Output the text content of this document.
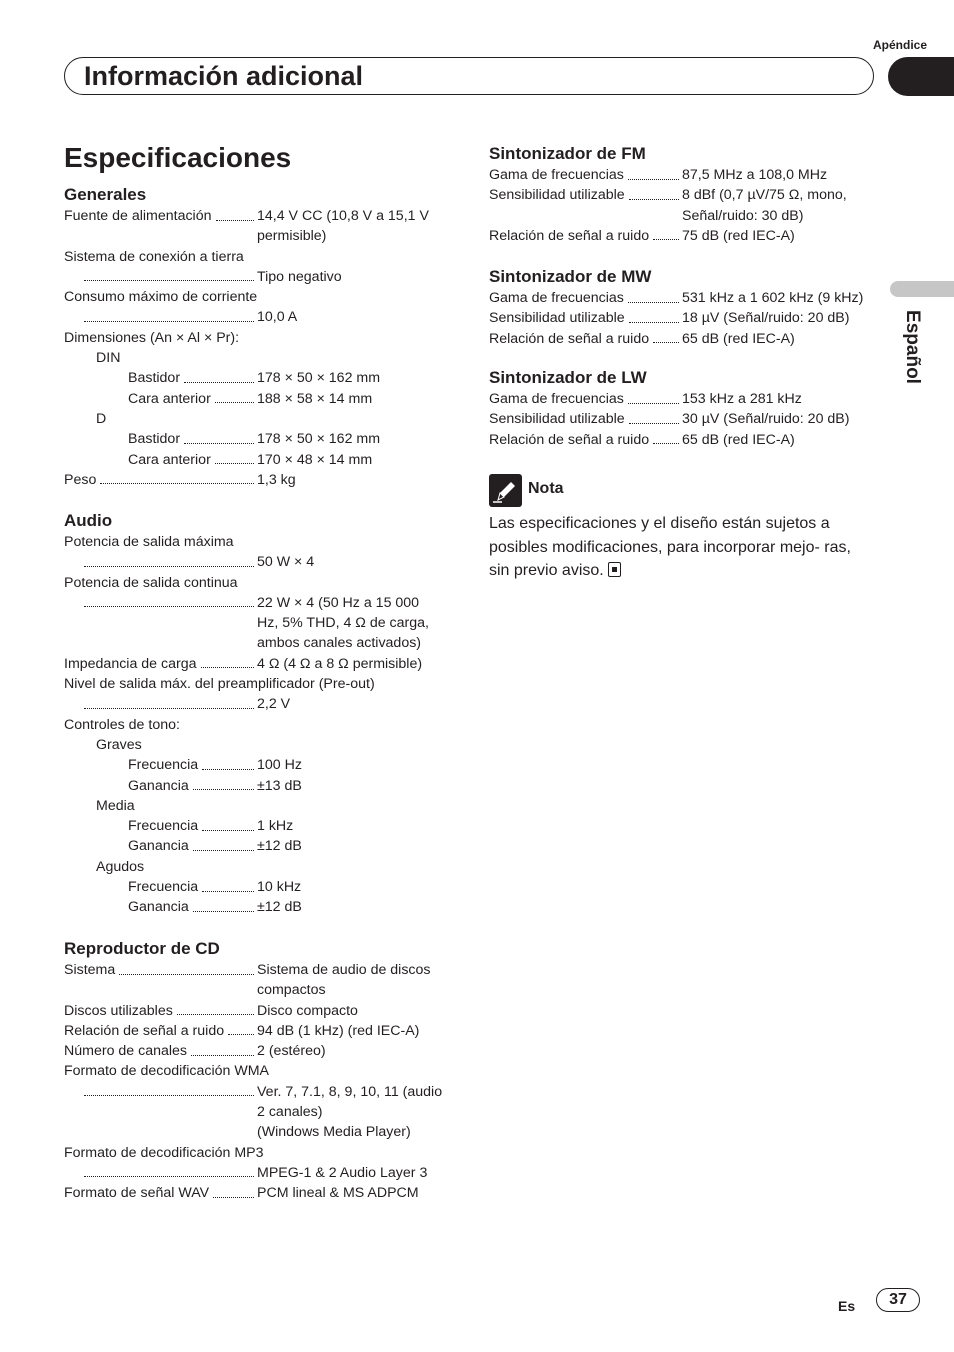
Apéndice
Información adicional
Español
Especificaciones
Generales
Fuente de alimentación	14,4 V CC (10,8 V a 15,1 V
permisible)
Sistema de conexión a tierra
Tipo negativo
Consumo máximo de corriente
10,0 A
Dimensiones (An × Al × Pr):
DIN
Bastidor	178 × 50 × 162 mm
Cara anterior	188 × 58 × 14 mm
D
Bastidor	178 × 50 × 162 mm
Cara anterior	170 × 48 × 14 mm
Peso	1,3 kg
Audio
Potencia de salida máxima
50 W × 4
Potencia de salida continua
22 W × 4 (50 Hz a 15 000
Hz, 5% THD, 4 Ω de carga,
ambos canales activados)
Impedancia de carga	4 Ω (4 Ω a 8 Ω permisible)
Nivel de salida máx. del preamplificador (Pre-out)
2,2 V
Controles de tono:
Graves
Frecuencia	100 Hz
Ganancia	±13 dB
Media
Frecuencia	1 kHz
Ganancia	±12 dB
Agudos
Frecuencia	10 kHz
Ganancia	±12 dB
Reproductor de CD
Sistema	Sistema de audio de discos
compactos
Discos utilizables	Disco compacto
Relación de señal a ruido 94 dB (1 kHz) (red IEC-A)
Número de canales	2 (estéreo)
Formato de decodificación WMA
Ver. 7, 7.1, 8, 9, 10, 11 (audio
2 canales)
(Windows Media Player)
Formato de decodificación MP3
MPEG-1 & 2 Audio Layer 3
Formato de señal WAV	PCM lineal & MS ADPCM
Sintonizador de FM
Gama de frecuencias	87,5 MHz a 108,0 MHz
Sensibilidad utilizable	8 dBf (0,7 µV/75 Ω, mono,
Señal/ruido: 30 dB)
Relación de señal a ruido 75 dB (red IEC-A)
Sintonizador de MW
Gama de frecuencias	531 kHz a 1 602 kHz (9 kHz)
Sensibilidad utilizable	18 µV (Señal/ruido: 20 dB)
Relación de señal a ruido 65 dB (red IEC-A)
Sintonizador de LW
Gama de frecuencias	153 kHz a 281 kHz
Sensibilidad utilizable	30 µV (Señal/ruido: 20 dB)
Relación de señal a ruido 65 dB (red IEC-A)
Nota
Las especificaciones y el diseño están sujetos a posibles modificaciones, para incorporar mejo- ras, sin previo aviso.
Es	37
